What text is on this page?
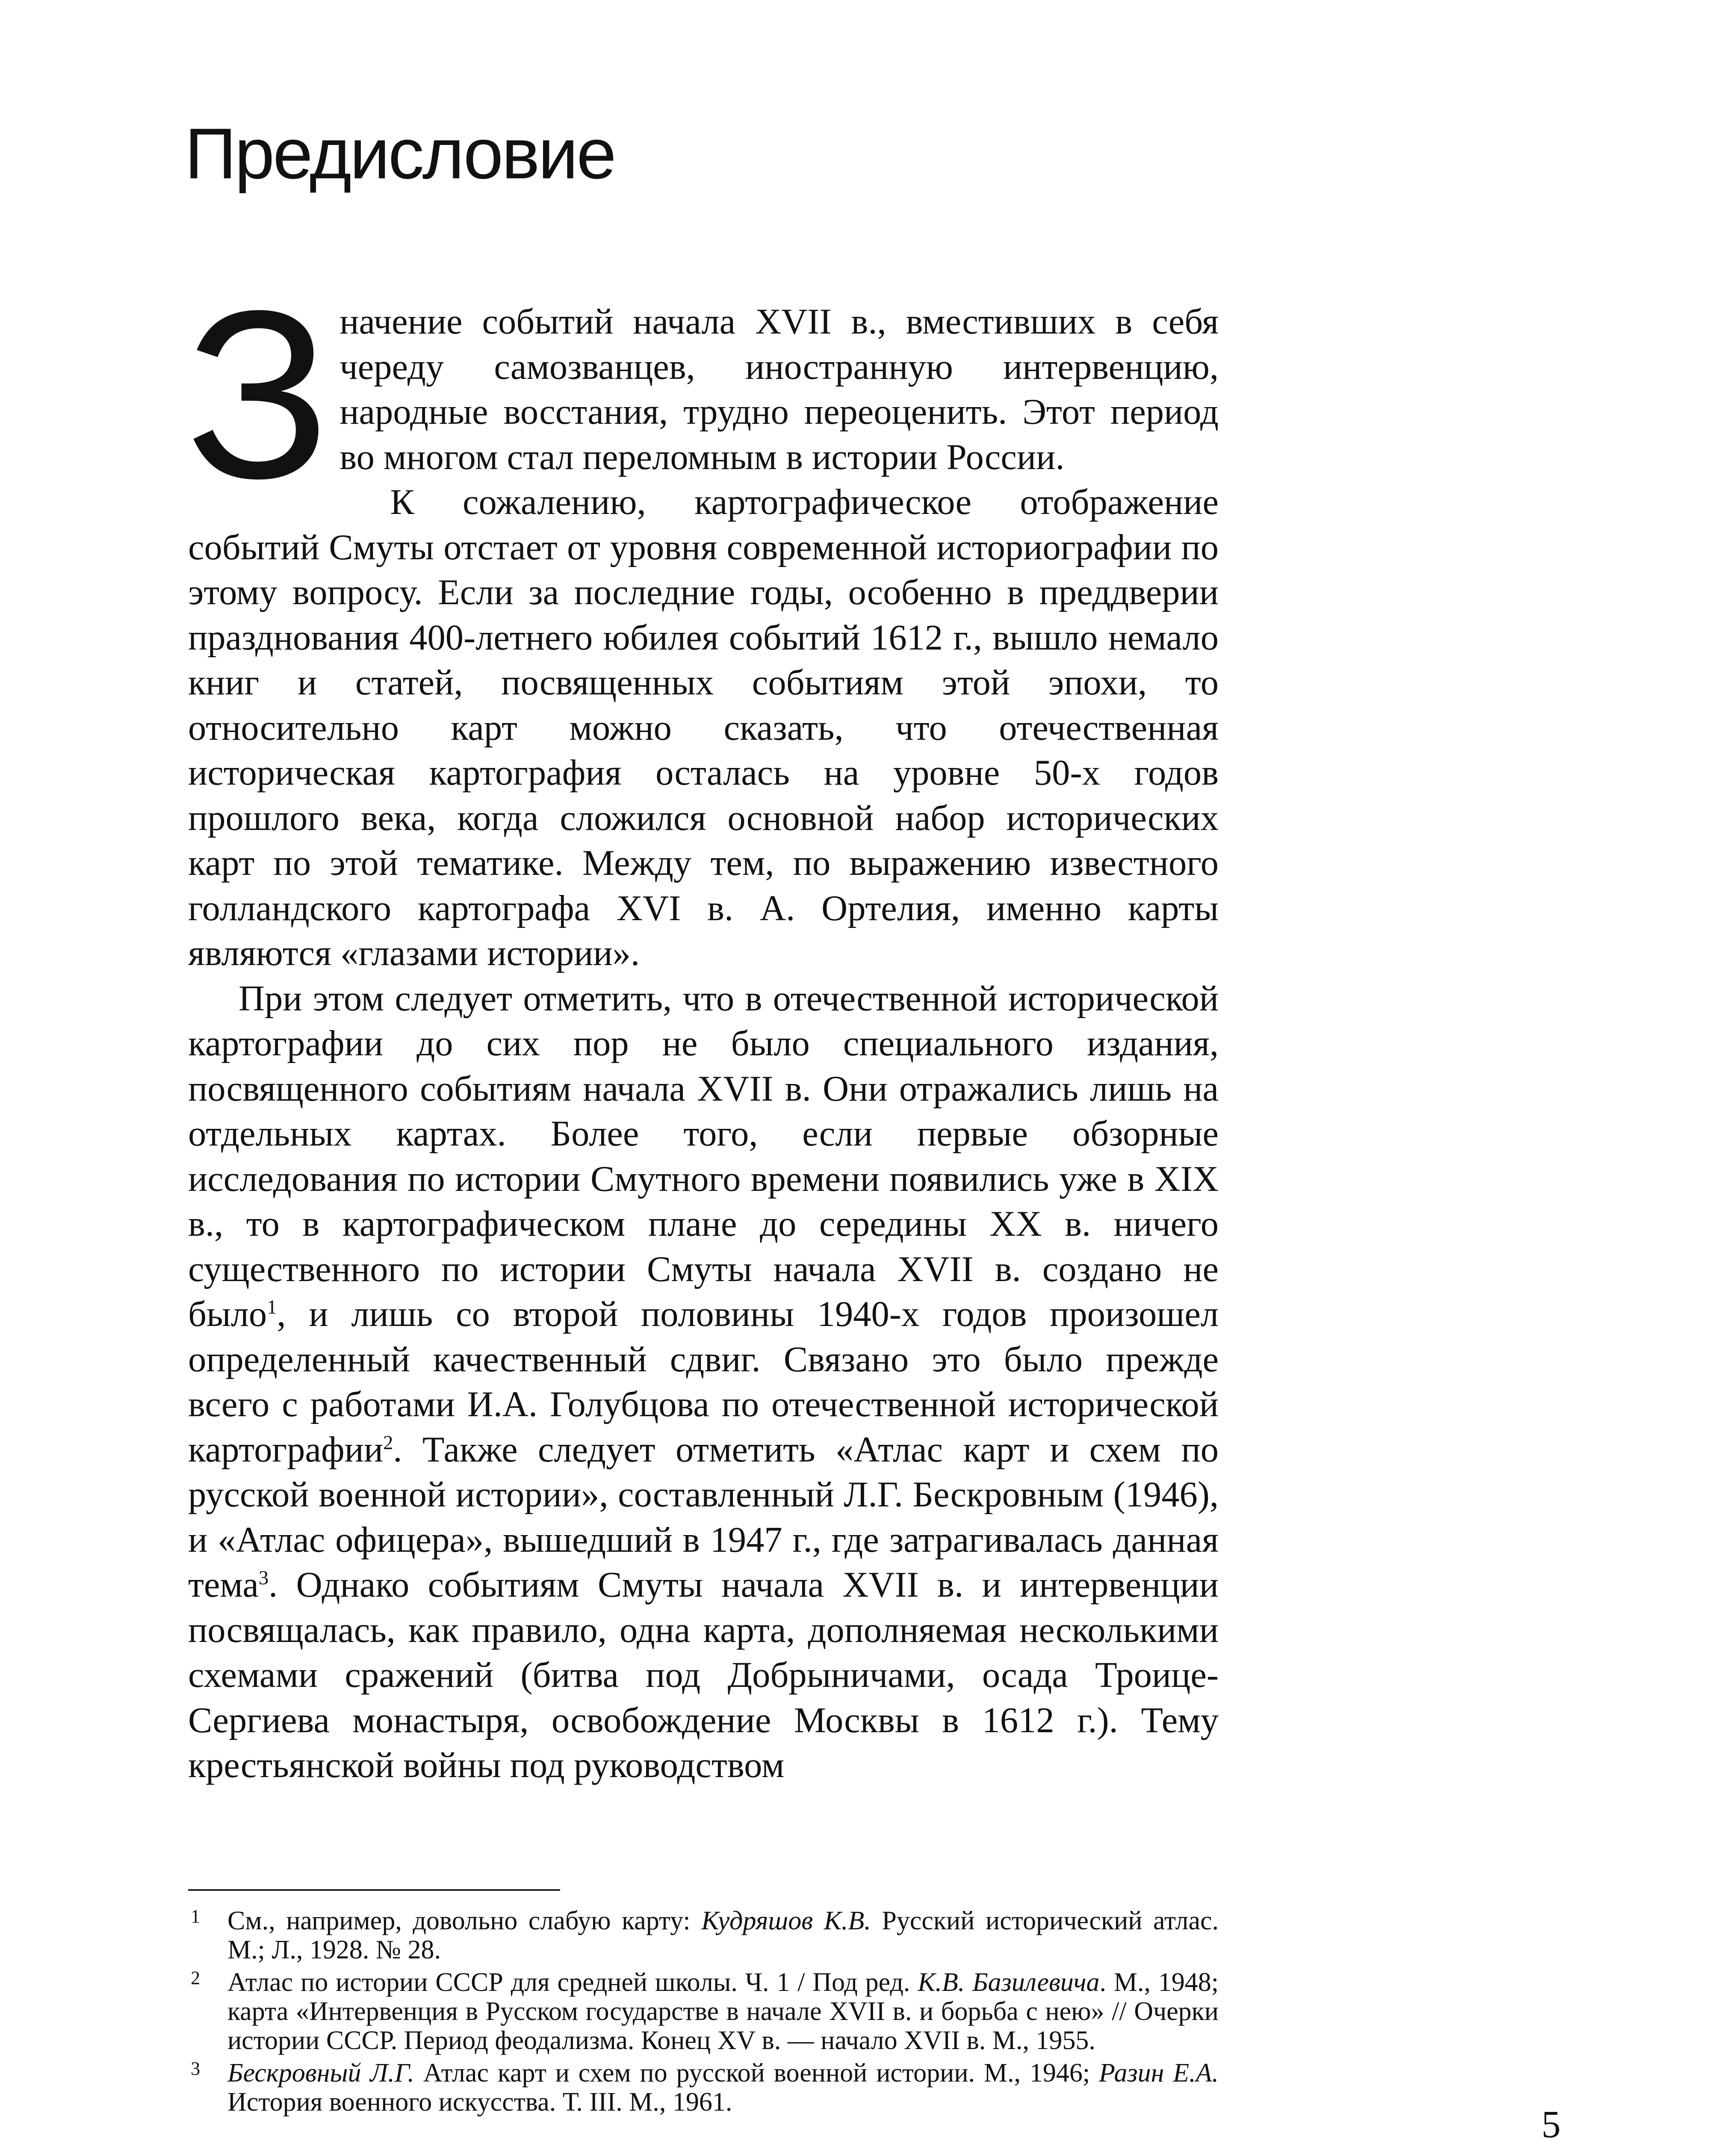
Предисловие

Значение событий начала XVII в., вместивших в себя череду самозванцев, иностранную интервенцию, народные восстания, трудно переоценить. Этот период во многом стал переломным в истории России.

К сожалению, картографическое отображение событий Смуты отстает от уровня современной историографии по этому вопросу. Если за последние годы, особенно в преддверии празднования 400-летнего юбилея событий 1612 г., вышло немало книг и статей, посвященных событиям этой эпохи, то относительно карт можно сказать, что отечественная историческая картография осталась на уровне 50-х годов прошлого века, когда сложился основной набор исторических карт по этой тематике. Между тем, по выражению известного голландского картографа XVI в. А. Ортелия, именно карты являются «глазами истории».

При этом следует отметить, что в отечественной исторической картографии до сих пор не было специального издания, посвященного событиям начала XVII в. Они отражались лишь на отдельных картах. Более того, если первые обзорные исследования по истории Смутного времени появились уже в XIX в., то в картографическом плане до середины XX в. ничего существенного по истории Смуты начала XVII в. создано не было$^1$, и лишь со второй половины 1940-х годов произошел определенный качественный сдвиг. Связано это было прежде всего с работами И.А. Голубцова по отечественной исторической картографии$^2$. Также следует отметить «Атлас карт и схем по русской военной истории», составленный Л.Г. Бескровным (1946), и «Атлас офицера», вышедший в 1947 г., где затрагивалась данная тема$^3$. Однако событиям Смуты начала XVII в. и интервенции посвящалась, как правило, одна карта, дополняемая несколькими схемами сражений (битва под Добрыничами, осада Троице-Сергиева монастыря, освобождение Москвы в 1612 г.). Тему крестьянской войны под руководством

1 См., например, довольно слабую карту: Кудряшов К.В. Русский исторический атлас. М.; Л., 1928. № 28.
2 Атлас по истории СССР для средней школы. Ч. 1 / Под ред. К.В. Базилевича. М., 1948; карта «Интервенция в Русском государстве в начале XVII в. и борьба с нею» // Очерки истории СССР. Период феодализма. Конец XV в. — начало XVII в. М., 1955.
3 Бескровный Л.Г. Атлас карт и схем по русской военной истории. М., 1946; Разин Е.А. История военного искусства. Т. III. М., 1961.
5
